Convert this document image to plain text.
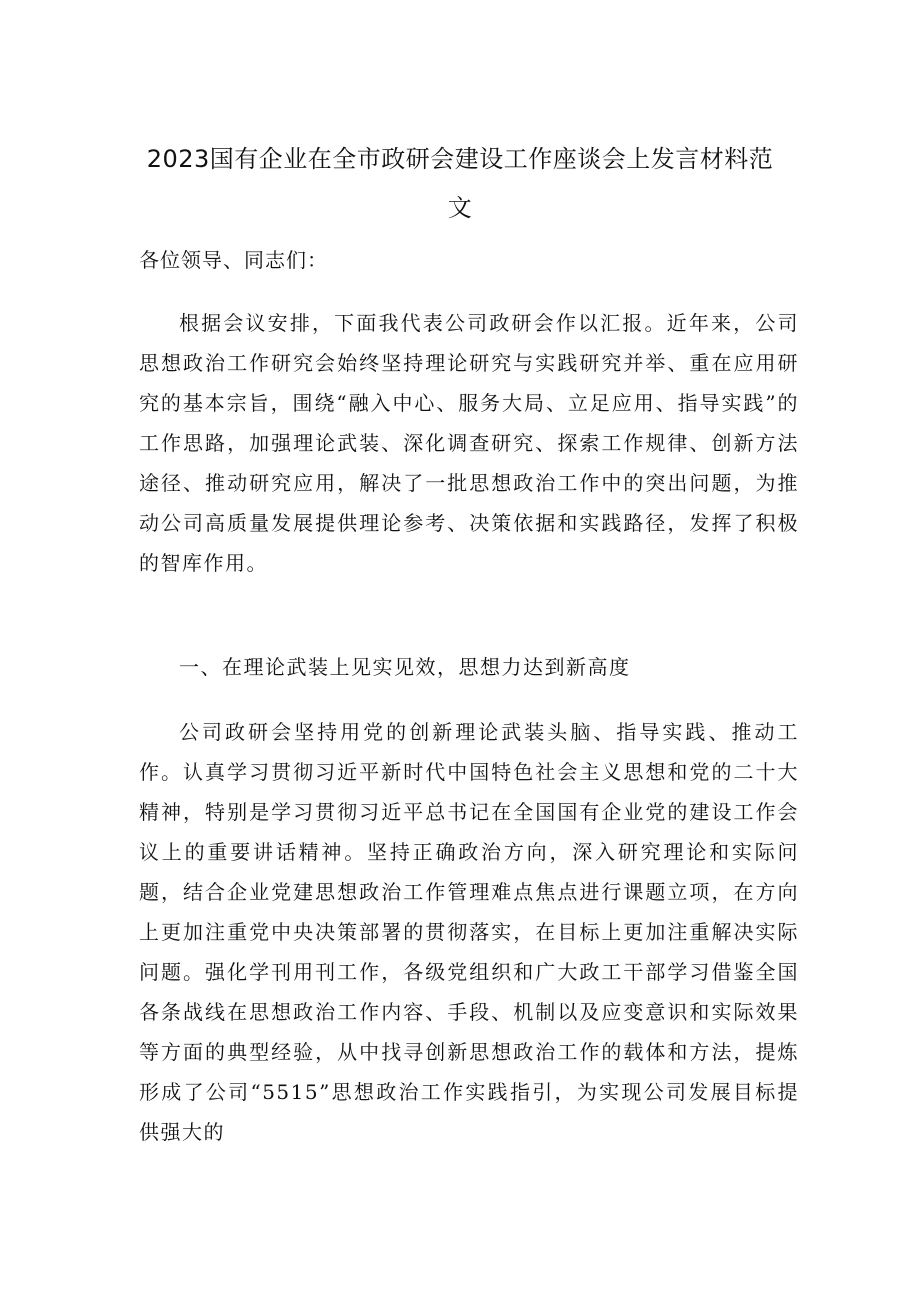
2023国有企业在全市政研会建设工作座谈会上发言材料范
文
各位领导、同志们：

根据会议安排，下面我代表公司政研会作以汇报。近年来，公司思想政治工作研究会始终坚持理论研究与实践研究并举、重在应用研究的基本宗旨，围绕“融入中心、服务大局、立足应用、指导实践”的工作思路，加强理论武装、深化调查研究、探索工作规律、创新方法途径、推动研究应用，解决了一批思想政治工作中的突出问题，为推动公司高质量发展提供理论参考、决策依据和实践路径，发挥了积极的智库作用。

一、在理论武装上见实见效，思想力达到新高度

公司政研会坚持用党的创新理论武装头脑、指导实践、推动工作。认真学习贯彻习近平新时代中国特色社会主义思想和党的二十大精神，特别是学习贯彻习近平总书记在全国国有企业党的建设工作会议上的重要讲话精神。坚持正确政治方向，深入研究理论和实际问题，结合企业党建思想政治工作管理难点焦点进行课题立项，在方向上更加注重党中央决策部署的贯彻落实，在目标上更加注重解决实际问题。强化学刊用刊工作，各级党组织和广大政工干部学习借鉴全国各条战线在思想政治工作内容、手段、机制以及应变意识和实际效果等方面的典型经验，从中找寻创新思想政治工作的载体和方法，提炼形成了公司“5515”思想政治工作实践指引，为实现公司发展目标提供强大的
